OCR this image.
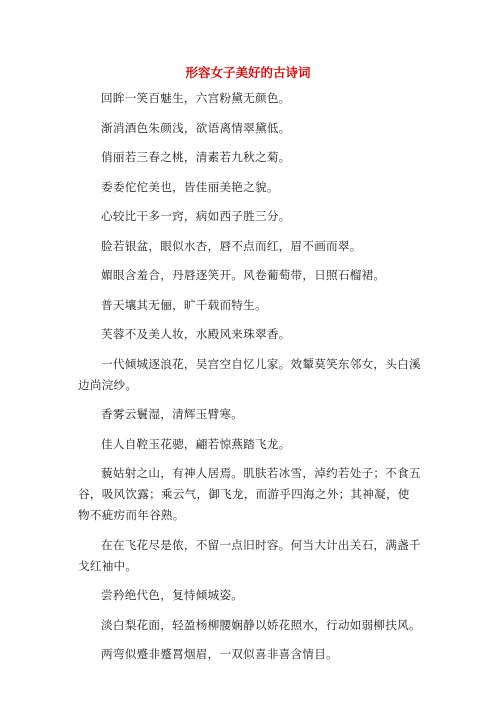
形容女子美好的古诗词

回眸一笑百魅生，六宫粉黛无颜色。

渐消酒色朱颜浅，欲语离情翠黛低。

俏丽若三春之桃，清素若九秋之菊。

委委佗佗美也，皆佳丽美艳之貌。

心较比干多一窍，病如西子胜三分。

脸若银盆，眼似水杏，唇不点而红，眉不画而翠。

媚眼含羞合，丹唇逐笑开。风卷葡萄带，日照石榴裙。

普天壤其无俪，旷千载而特生。

芙蓉不及美人妆，水殿风来珠翠香。

一代倾城逐浪花，吴宫空自忆儿家。效颦莫笑东邻女，头白溪边尚浣纱。

香雾云鬟湿，清辉玉臂寒。

佳人自鞚玉花骢，翩若惊燕踏飞龙。

藐姑射之山，有神人居焉。肌肤若冰雪，淖约若处子；不食五谷，吸风饮露；乘云气，御飞龙，而游乎四海之外；其神凝，使物不疵疠而年谷熟。

在在飞花尽是侬，不留一点旧时容。何当大计出关石，满盏千戈红袖中。

尝矜绝代色，复恃倾城姿。

淡白梨花面，轻盈杨柳腰娴静以娇花照水，行动如弱柳扶风。

两弯似蹙非蹙罥烟眉，一双似喜非喜含情目。
